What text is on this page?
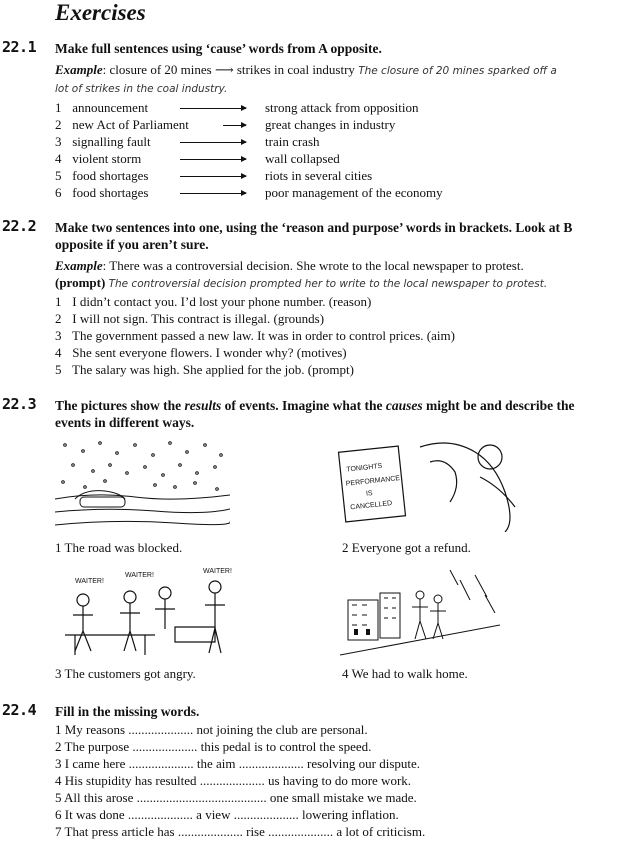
Exercises
22.1 Make full sentences using ‘cause’ words from A opposite.
Example: closure of 20 mines ⟶ strikes in coal industry The closure of 20 mines sparked off a
lot of strikes in the coal industry.
1 announcement	strong attack from opposition
2 new Act of Parliament	great changes in industry
3 signalling fault	train crash
4 violent storm	wall collapsed
5 food shortages	riots in several cities
6 food shortages	poor management of the economy
22.2 Make two sentences into one, using the ‘reason and purpose’ words in brackets. Look at B
opposite if you aren’t sure.
Example: There was a controversial decision. She wrote to the local newspaper to protest.
(prompt) The controversial decision prompted her to write to the local newspaper to protest.
1 I didn’t contact you. I’d lost your phone number. (reason)
2 I will not sign. This contract is illegal. (grounds)
3 The government passed a new law. It was in order to control prices. (aim)
4 She sent everyone flowers. I wonder why? (motives)
5 The salary was high. She applied for the job. (prompt)
22.3 The pictures show the results of events. Imagine what the causes might be and describe the
events in different ways.
1 The road was blocked.
TONIGHTS
PERFORMANCE
IS
CANCELLED
2 Everyone got a refund.
WAITER!
WAITER!
WAITER!
3 The customers got angry.	4 We had to walk home.
22.4 Fill in the missing words.
1 My reasons .................... not joining the club are personal.
2 The purpose .................... this pedal is to control the speed.
3 I came here .................... the aim .................... resolving our dispute.
4 His stupidity has resulted .................... us having to do more work.
5 All this arose ........................................ one small mistake we made.
6 It was done .................... a view .................... lowering inflation.
7 That press article has .................... rise .................... a lot of criticism.
